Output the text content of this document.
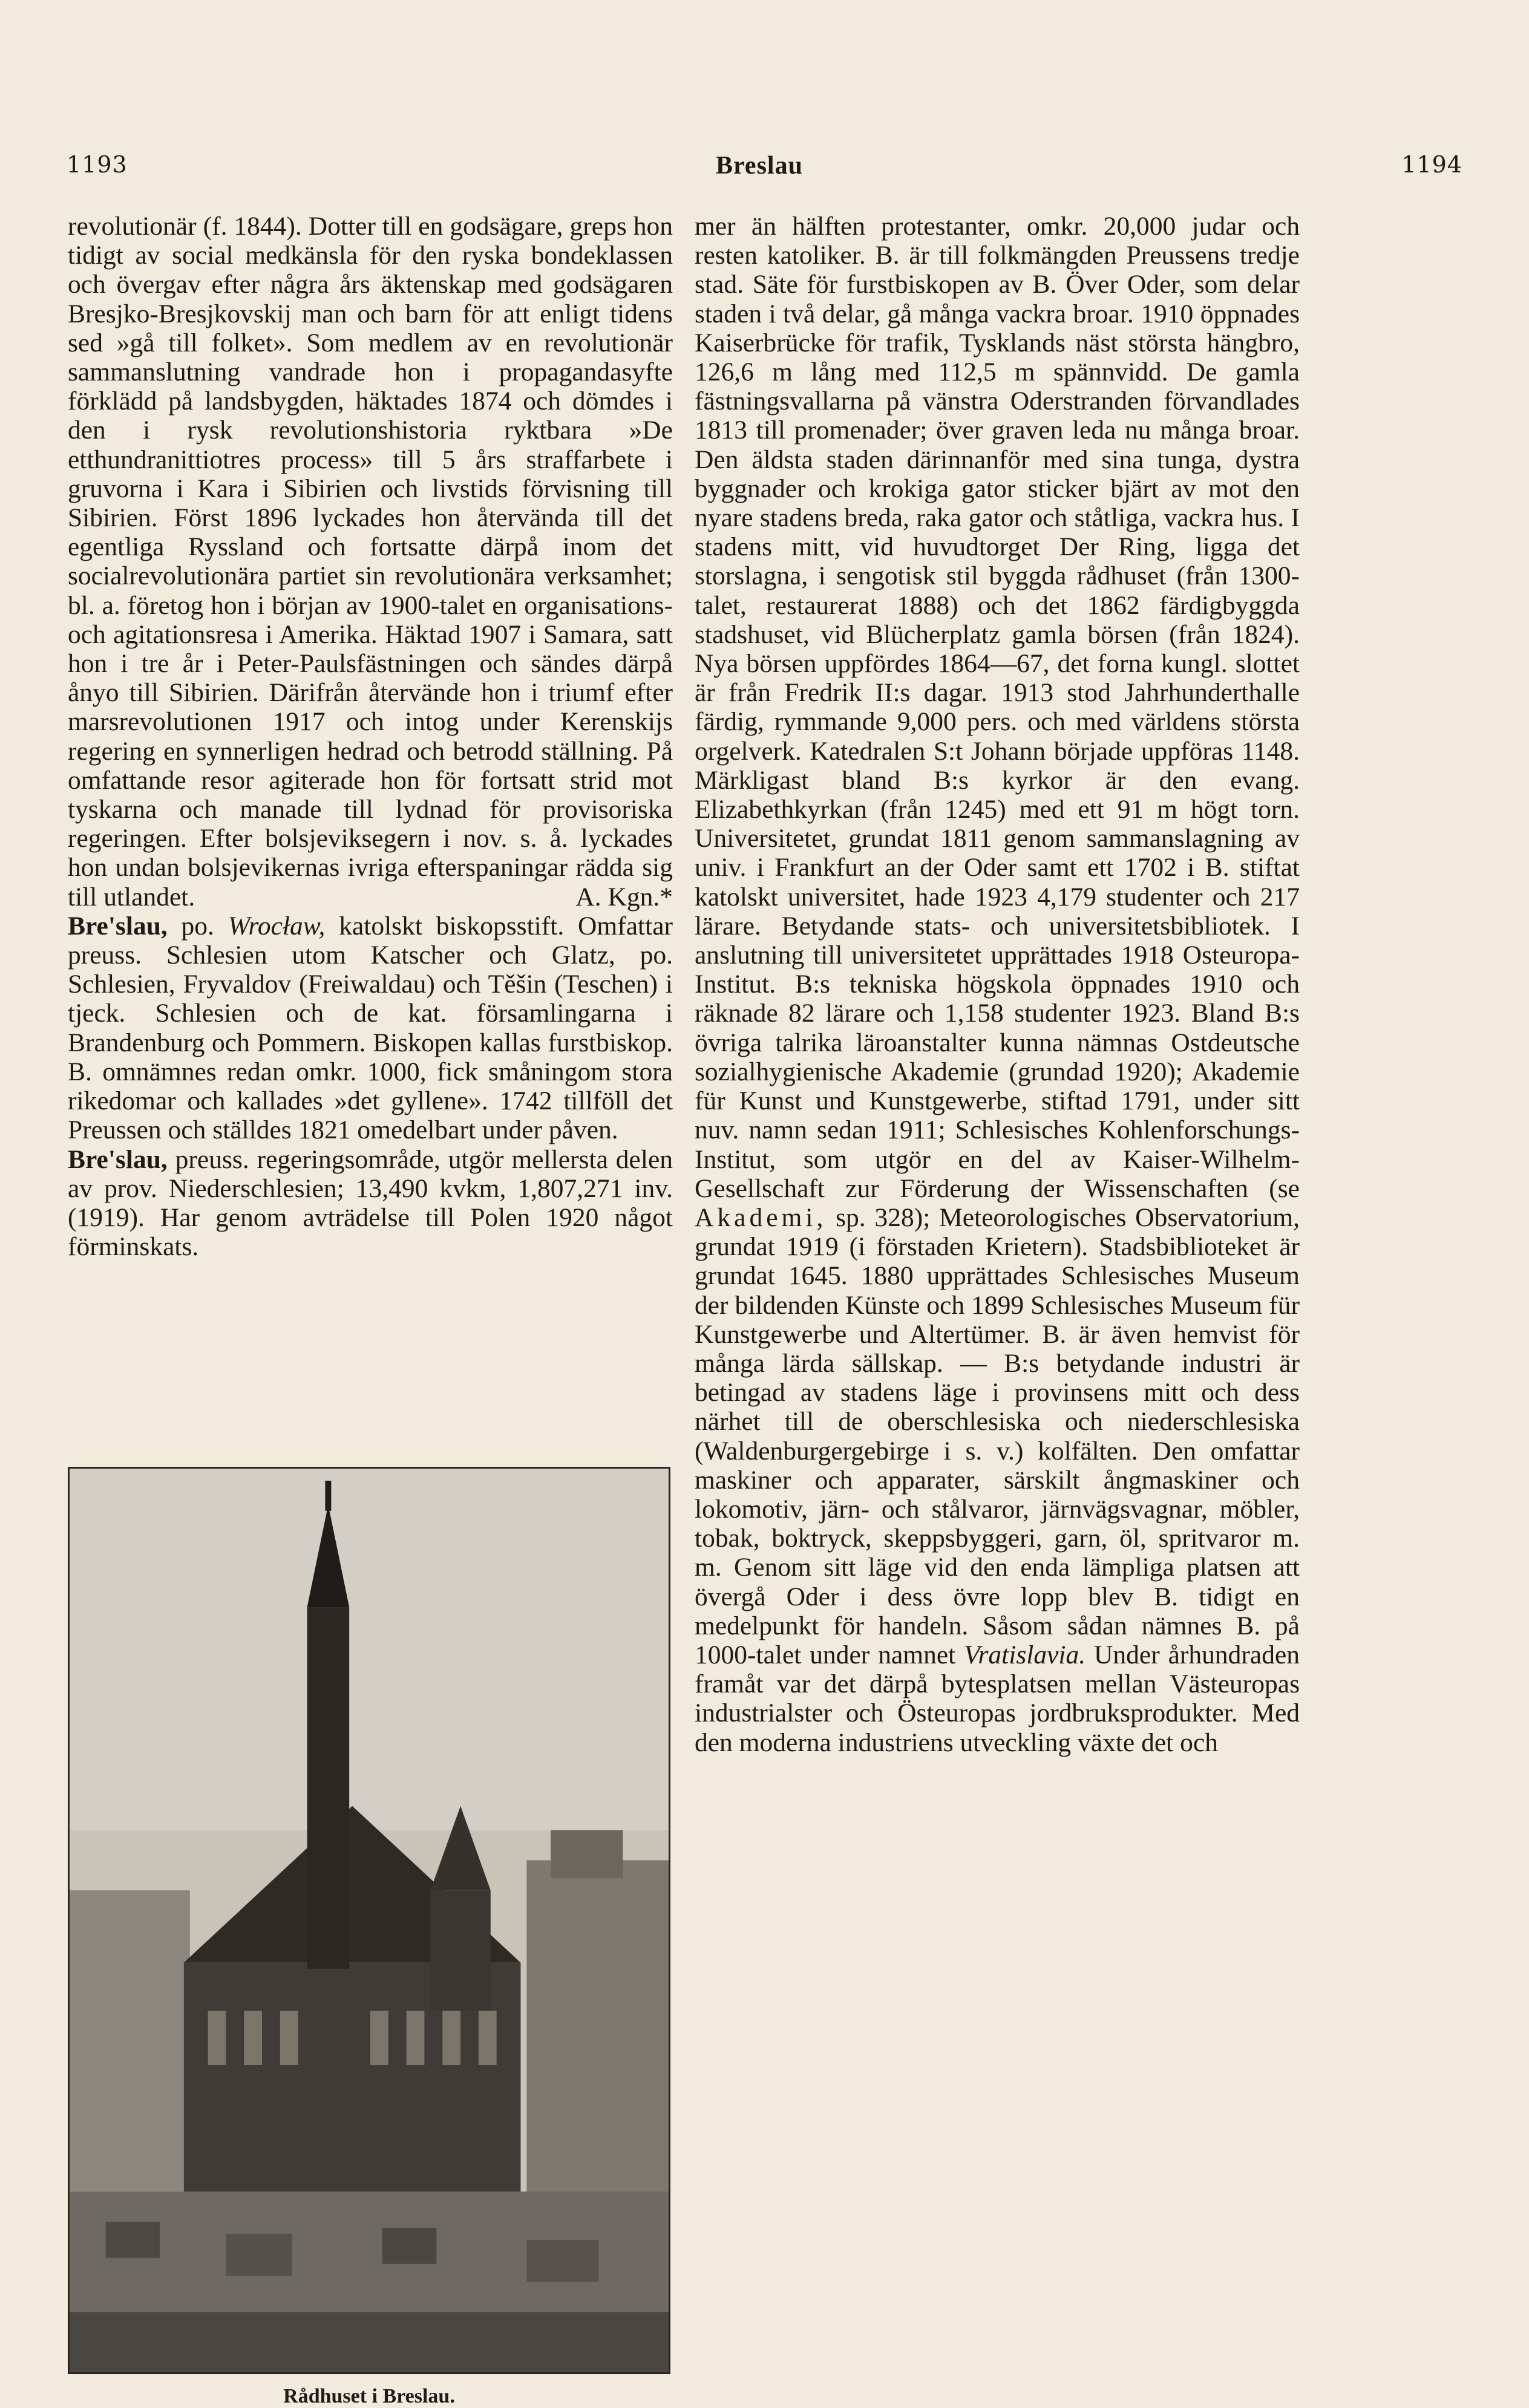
1193	Breslau	1194

revolutionär (f. 1844). Dotter till en godsägare, greps hon tidigt av social medkänsla för den ryska bondeklassen och övergav efter några års äktenskap med godsägaren Bresjko-Bresjkovskij man och barn för att enligt tidens sed »gå till folket». Som medlem av en revolutionär sammanslutning vandrade hon i propagandasyfte förklädd på landsbygden, häktades 1874 och dömdes i den i rysk revolutionshistoria ryktbara »De etthundranittiotres process» till 5 års straffarbete i gruvorna i Kara i Sibirien och livstids förvisning till Sibirien. Först 1896 lyckades hon återvända till det egentliga Ryssland och fortsatte därpå inom det socialrevolutionära partiet sin revolutionära verksamhet; bl. a. företog hon i början av 1900-talet en organisations- och agitationsresa i Amerika. Häktad 1907 i Samara, satt hon i tre år i Peter-Paulsfästningen och sändes därpå ånyo till Sibirien. Därifrån återvände hon i triumf efter marsrevolutionen 1917 och intog under Kerenskijs regering en synnerligen hedrad och betrodd ställning. På omfattande resor agiterade hon för fortsatt strid mot tyskarna och manade till lydnad för provisoriska regeringen. Efter bolsjeviksegern i nov. s. å. lyckades hon undan bolsjevikernas ivriga efterspaningar rädda sig till utlandet.	A. Kgn.*

Bre'slau, po. Wrocław, katolskt biskopsstift. Omfattar preuss. Schlesien utom Katscher och Glatz, po. Schlesien, Fryvaldov (Freiwaldau) och Těšin (Teschen) i tjeck. Schlesien och de kat. församlingarna i Brandenburg och Pommern. Biskopen kallas furstbiskop. B. omnämnes redan omkr. 1000, fick småningom stora rikedomar och kallades »det gyllene». 1742 tillföll det Preussen och ställdes 1821 omedelbart under påven.

Bre'slau, preuss. regeringsområde, utgör mellersta delen av prov. Niederschlesien; 13,490 kvkm, 1,807,271 inv. (1919). Har genom avträdelse till Polen 1920 något förminskats.

Rådhuset i Breslau.

mer än hälften protestanter, omkr. 20,000 judar och resten katoliker. B. är till folkmängden Preussens tredje stad. Säte för furstbiskopen av B. Över Oder, som delar staden i två delar, gå många vackra broar. 1910 öppnades Kaiserbrücke för trafik, Tysklands näst största hängbro, 126,6 m lång med 112,5 m spännvidd. De gamla fästningsvallarna på vänstra Oderstranden förvandlades 1813 till promenader; över graven leda nu många broar. Den äldsta staden därinnanför med sina tunga, dystra byggnader och krokiga gator sticker bjärt av mot den nyare stadens breda, raka gator och ståtliga, vackra hus. I stadens mitt, vid huvudtorget Der Ring, ligga det storslagna, i sengotisk stil byggda rådhuset (från 1300-talet, restaurerat 1888) och det 1862 färdigbyggda stadshuset, vid Blücherplatz gamla börsen (från 1824). Nya börsen uppfördes 1864—67, det forna kungl. slottet är från Fredrik II:s dagar. 1913 stod Jahrhunderthalle färdig, rymmande 9,000 pers. och med världens största orgelverk. Katedralen S:t Johann började uppföras 1148. Märkligast bland B:s kyrkor är den evang. Elizabethkyrkan (från 1245) med ett 91 m högt torn. Universitetet, grundat 1811 genom sammanslagning av univ. i Frankfurt an der Oder samt ett 1702 i B. stiftat katolskt universitet, hade 1923 4,179 studenter och 217 lärare. Betydande stats- och universitetsbibliotek. I anslutning till universitetet upprättades 1918 Osteuropa-Institut. B:s tekniska högskola öppnades 1910 och räknade 82 lärare och 1,158 studenter 1923. Bland B:s övriga talrika läroanstalter kunna nämnas Ostdeutsche sozialhygienische Akademie (grundad 1920); Akademie für Kunst und Kunstgewerbe, stiftad 1791, under sitt nuv. namn sedan 1911; Schlesisches Kohlenforschungs-Institut, som utgör en del av Kaiser-Wilhelm-Gesellschaft zur Förderung der Wissenschaften (se Akademi, sp. 328); Meteorologisches Observatorium, grundat 1919 (i förstaden Krietern). Stadsbiblioteket är grundat 1645. 1880 upprättades Schlesisches Museum der bildenden Künste och 1899 Schlesisches Museum für Kunstgewerbe und Altertümer. B. är även hemvist för många lärda sällskap. — B:s betydande industri är betingad av stadens läge i provinsens mitt och dess närhet till de oberschlesiska och niederschlesiska (Waldenburgergebirge i s. v.) kolfälten. Den omfattar maskiner och apparater, särskilt ångmaskiner och lokomotiv, järn- och stålvaror, järnvägsvagnar, möbler, tobak, boktryck, skeppsbyggeri, garn, öl, spritvaror m. m. Genom sitt läge vid den enda lämpliga platsen att övergå Oder i dess övre lopp blev B. tidigt en medelpunkt för handeln. Såsom sådan nämnes B. på 1000-talet under namnet Vratislavia. Under århundraden framåt var det därpå bytesplatsen mellan Västeuropas industrialster och Östeuropas jordbruksprodukter. Med den moderna industriens utveckling växte det och
